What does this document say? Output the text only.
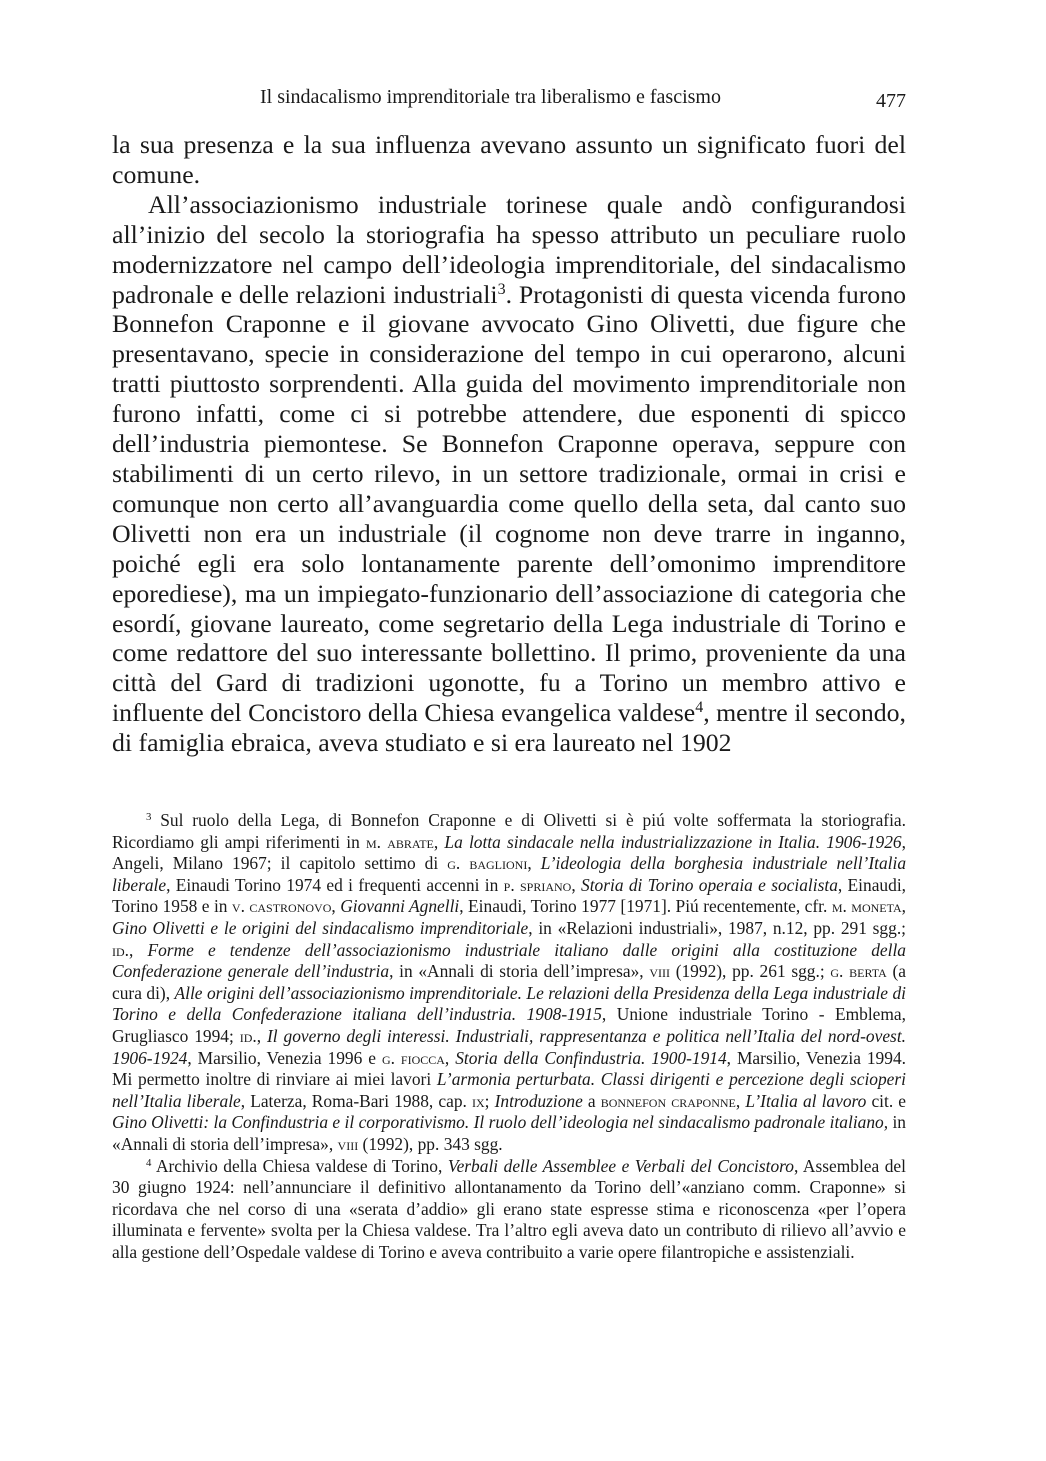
Il sindacalismo imprenditoriale tra liberalismo e fascismo	477

la sua presenza e la sua influenza avevano assunto un significato fuori del comune.

All’associazionismo industriale torinese quale andò configurandosi all’inizio del secolo la storiografia ha spesso attributo un peculiare ruolo modernizzatore nel campo dell’ideologia imprenditoriale, del sindacalismo padronale e delle relazioni industriali$^3$. Protagonisti di questa vicenda furono Bonnefon Craponne e il giovane avvocato Gino Olivetti, due figure che presentavano, specie in considerazione del tempo in cui operarono, alcuni tratti piuttosto sorprendenti. Alla guida del movimento imprenditoriale non furono infatti, come ci si potrebbe attendere, due esponenti di spicco dell’industria piemontese. Se Bonnefon Craponne operava, seppure con stabilimenti di un certo rilevo, in un settore tradizionale, ormai in crisi e comunque non certo all’avanguardia come quello della seta, dal canto suo Olivetti non era un industriale (il cognome non deve trarre in inganno, poiché egli era solo lontanamente parente dell’omonimo imprenditore eporediese), ma un impiegato-funzionario dell’associazione di categoria che esordí, giovane laureato, come segretario della Lega industriale di Torino e come redattore del suo interessante bollettino. Il primo, proveniente da una città del Gard di tradizioni ugonotte, fu a Torino un membro attivo e influente del Concistoro della Chiesa evangelica valdese$^4$, mentre il secondo, di famiglia ebraica, aveva studiato e si era laureato nel 1902

$^3$ Sul ruolo della Lega, di Bonnefon Craponne e di Olivetti si è piú volte soffermata la storiografia. Ricordiamo gli ampi riferimenti in m. abrate, La lotta sindacale nella industrializzazione in Italia. 1906-1926, Angeli, Milano 1967; il capitolo settimo di g. baglioni, L’ideologia della borghesia industriale nell’Italia liberale, Einaudi Torino 1974 ed i frequenti accenni in p. spriano, Storia di Torino operaia e socialista, Einaudi, Torino 1958 e in v. castronovo, Giovanni Agnelli, Einaudi, Torino 1977 [1971]. Piú recentemente, cfr. m. moneta, Gino Olivetti e le origini del sindacalismo imprenditoriale, in «Relazioni industriali», 1987, n.12, pp. 291 sgg.; id., Forme e tendenze dell’associazionismo industriale italiano dalle origini alla costituzione della Confederazione generale dell’industria, in «Annali di storia dell’impresa», viii (1992), pp. 261 sgg.; g. berta (a cura di), Alle origini dell’associazionismo imprenditoriale. Le relazioni della Presidenza della Lega industriale di Torino e della Confederazione italiana dell’industria. 1908-1915, Unione industriale Torino - Emblema, Grugliasco 1994; id., Il governo degli interessi. Industriali, rappresentanza e politica nell’Italia del nord-ovest. 1906-1924, Marsilio, Venezia 1996 e g. fiocca, Storia della Confindustria. 1900-1914, Marsilio, Venezia 1994. Mi permetto inoltre di rinviare ai miei lavori L’armonia perturbata. Classi dirigenti e percezione degli scioperi nell’Italia liberale, Laterza, Roma-Bari 1988, cap. ix; Introduzione a bonnefon craponne, L’Italia al lavoro cit. e Gino Olivetti: la Confindustria e il corporativismo. Il ruolo dell’ideologia nel sindacalismo padronale italiano, in «Annali di storia dell’impresa», viii (1992), pp. 343 sgg.

$^4$ Archivio della Chiesa valdese di Torino, Verbali delle Assemblee e Verbali del Concistoro, Assemblea del 30 giugno 1924: nell’annunciare il definitivo allontanamento da Torino dell’«anziano comm. Craponne» si ricordava che nel corso di una «serata d’addio» gli erano state espresse stima e riconoscenza «per l’opera illuminata e fervente» svolta per la Chiesa valdese. Tra l’altro egli aveva dato un contributo di rilievo all’avvio e alla gestione dell’Ospedale valdese di Torino e aveva contribuito a varie opere filantropiche e assistenziali.
